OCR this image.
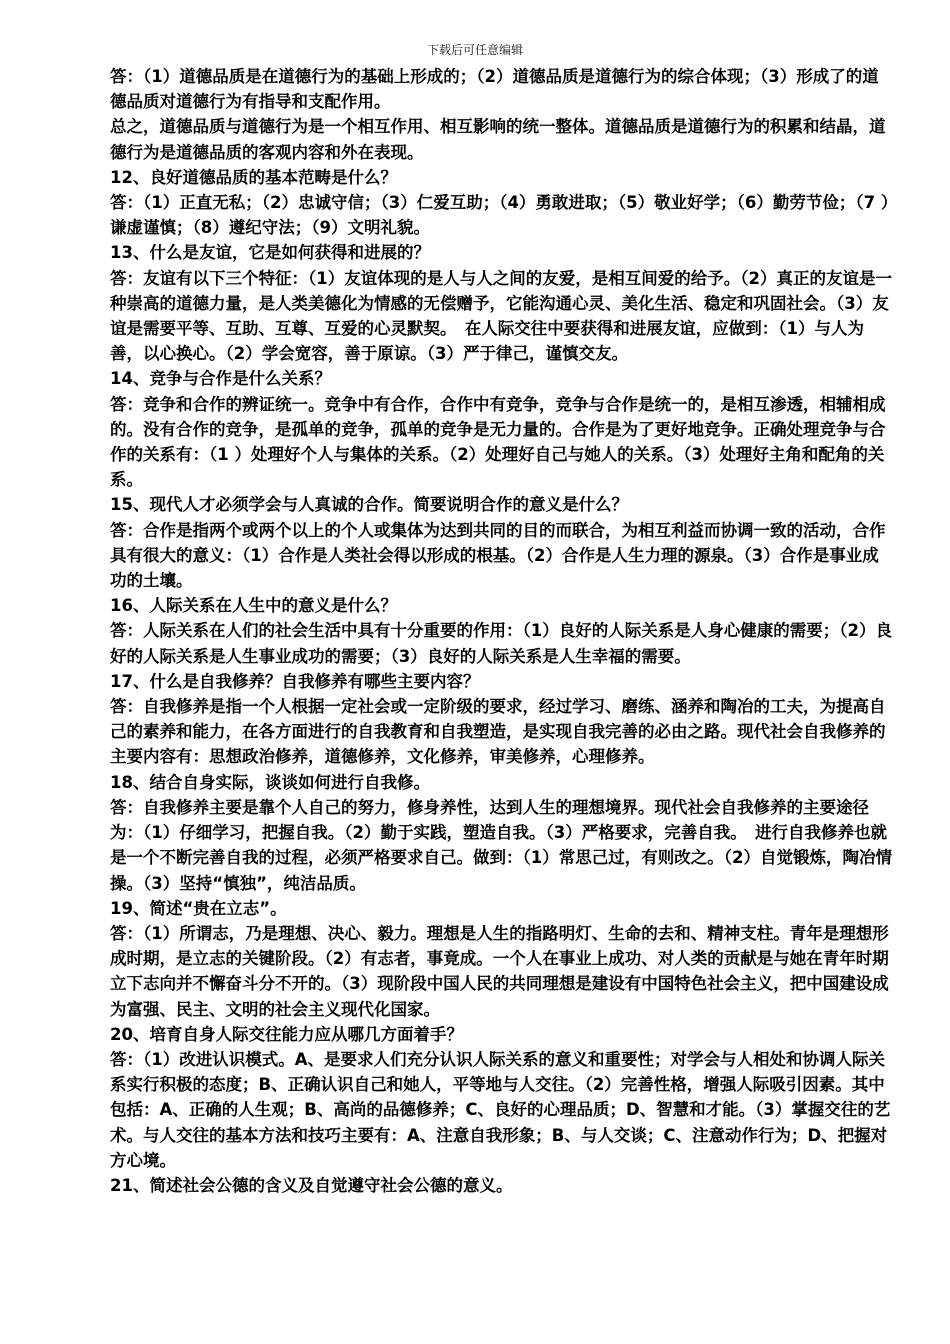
下载后可任意编辑

答：（1）道德品质是在道德行为的基础上形成的；（2）道德品质是道德行为的综合体现；（3）形成了的道德品质对道德行为有指导和支配作用。

总之，道德品质与道德行为是一个相互作用、相互影响的统一整体。道德品质是道德行为的积累和结晶，道德行为是道德品质的客观内容和外在表现。

12、良好道德品质的基本范畴是什么？

答：（1）正直无私；（2）忠诚守信；（3）仁爱互助；（4）勇敢进取；（5）敬业好学；（6）勤劳节俭；（7 ）谦虚谨慎；（8）遵纪守法；（9）文明礼貌。

13、什么是友谊，它是如何获得和进展的？

答：友谊有以下三个特征：（1）友谊体现的是人与人之间的友爱，是相互间爱的给予。（2）真正的友谊是一种崇高的道德力量，是人类美德化为情感的无偿赠予，它能沟通心灵、美化生活、稳定和巩固社会。（3）友谊是需要平等、互助、互尊、互爱的心灵默契。　在人际交往中要获得和进展友谊，应做到：（1）与人为善，以心换心。（2）学会宽容，善于原谅。（3）严于律己，谨慎交友。

14、竞争与合作是什么关系？

答：竞争和合作的辨证统一。竞争中有合作，合作中有竞争，竞争与合作是统一的，是相互渗透，相辅相成的。没有合作的竞争，是孤单的竞争，孤单的竞争是无力量的。合作是为了更好地竞争。正确处理竞争与合作的关系有：（1 ）处理好个人与集体的关系。（2）处理好自己与她人的关系。（3）处理好主角和配角的关系。

15、现代人才必须学会与人真诚的合作。简要说明合作的意义是什么？

答：合作是指两个或两个以上的个人或集体为达到共同的目的而联合，为相互利益而协调一致的活动，合作具有很大的意义：（1）合作是人类社会得以形成的根基。（2）合作是人生力理的源泉。（3）合作是事业成功的土壤。

16、人际关系在人生中的意义是什么？

答：人际关系在人们的社会生活中具有十分重要的作用：（1）良好的人际关系是人身心健康的需要；（2）良好的人际关系是人生事业成功的需要；（3）良好的人际关系是人生幸福的需要。

17、什么是自我修养？自我修养有哪些主要内容？

答：自我修养是指一个人根据一定社会或一定阶级的要求，经过学习、磨练、涵养和陶冶的工夫，为提高自己的素养和能力，在各方面进行的自我教育和自我塑造，是实现自我完善的必由之路。现代社会自我修养的主要内容有：思想政治修养，道德修养，文化修养，审美修养，心理修养。

18、结合自身实际，谈谈如何进行自我修。

答：自我修养主要是靠个人自己的努力，修身养性，达到人生的理想境界。现代社会自我修养的主要途径为：（1）仔细学习，把握自我。（2）勤于实践，塑造自我。（3）严格要求，完善自我。　进行自我修养也就是一个不断完善自我的过程，必须严格要求自己。做到：（1）常思己过，有则改之。（2）自觉锻炼，陶冶情操。（3）坚持“慎独”，纯洁品质。

19、简述“贵在立志”。

答：（1）所谓志，乃是理想、决心、毅力。理想是人生的指路明灯、生命的去和、精神支柱。青年是理想形成时期，是立志的关键阶段。（2）有志者，事竟成。一个人在事业上成功、对人类的贡献是与她在青年时期立下志向并不懈奋斗分不开的。（3）现阶段中国人民的共同理想是建设有中国特色社会主义，把中国建设成为富强、民主、文明的社会主义现代化国家。

20、培育自身人际交往能力应从哪几方面着手？

答：（1）改进认识模式。A、是要求人们充分认识人际关系的意义和重要性；对学会与人相处和协调人际关系实行积极的态度；B、正确认识自己和她人，平等地与人交往。（2）完善性格，增强人际吸引因素。其中包括：A、正确的人生观；B、高尚的品德修养；C、良好的心理品质；D、智慧和才能。（3）掌握交往的艺术。与人交往的基本方法和技巧主要有：A、注意自我形象；B、与人交谈；C、注意动作行为；D、把握对方心境。

21、简述社会公德的含义及自觉遵守社会公德的意义。
